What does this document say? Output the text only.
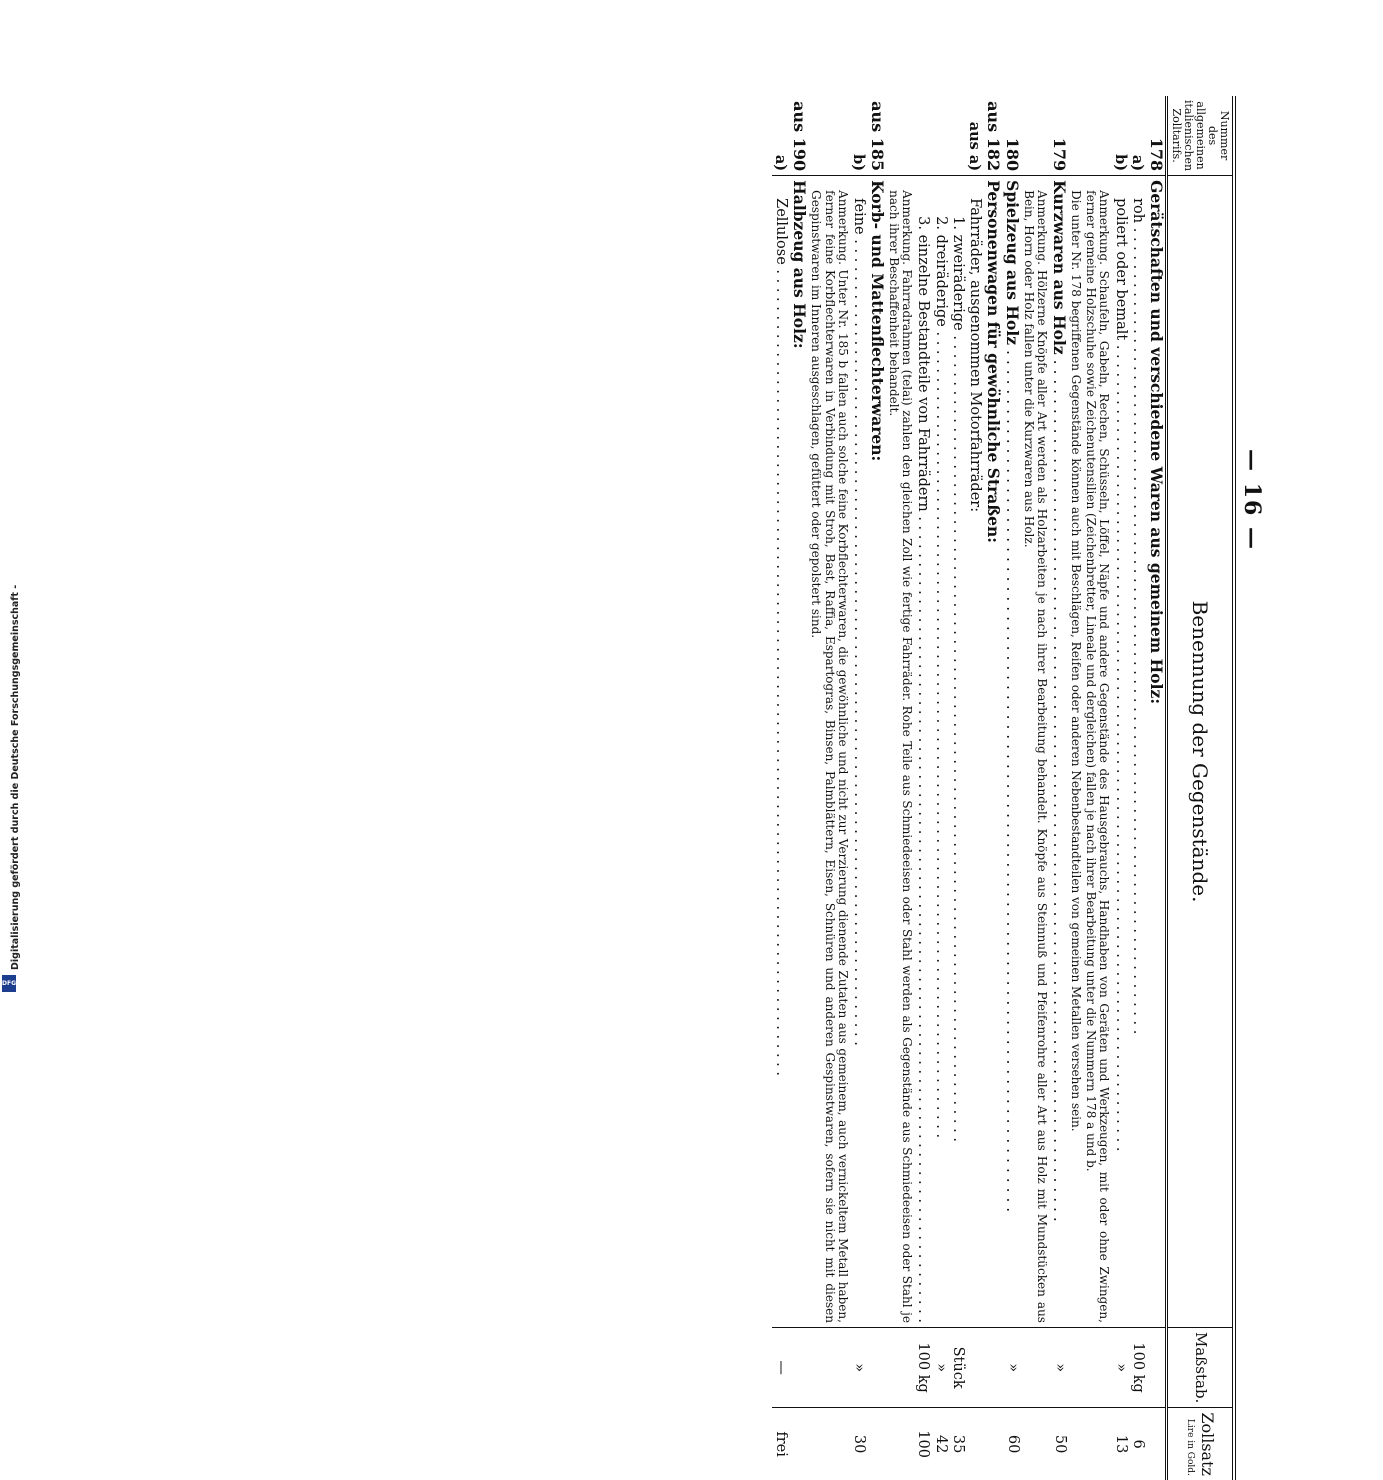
Digitalisierung gefördert durch die Deutsche Forschungsgemeinschaft -
DFG
— 16 —
Nummer des allgemeinen italienischen Zolltarifs.	Benennung der Gegenstände.	Maßstab.	Zollsatz
Lire in Gold.

178	Gerätschaften und verschiedene Waren aus gemeinem Holz:		

a)	roh . . .	100 kg	6

b)	poliert oder bemalt . . .	»	13

	Anmerkung. Schaufeln, Gabeln, Rechen, Schüsseln, Löffel, Näpfe und andere Gegenstände des Hausgebrauchs, Handhaben von Geräten und Werkzeugen, mit oder ohne Zwingen, ferner gemeine Holzschuhe sowie Zeichenutensilien (Zeichenbretter, Lineale und dergleichen) fallen je nach ihrer Bearbeitung unter die Nummern 178 a und b.		

	Die unter Nr. 178 begriffenen Gegenstände können auch mit Beschlägen, Reifen oder anderen Nebenbestandteilen von gemeinen Metallen versehen sein.		

179	Kurzwaren aus Holz . . .	»	50

	Anmerkung. Hölzerne Knöpfe aller Art werden als Holzarbeiten je nach ihrer Bearbeitung behandelt. Knöpfe aus Steinnuß und Pfeifenrohre aller Art aus Holz mit Mundstücken aus Bein, Horn oder Holz fallen unter die Kurzwaren aus Holz.		

180	Spielzeug aus Holz . . .	»	60

aus 182	Personenwagen für gewöhnliche Straßen:		

aus a)	Fahrräder, ausgenommen Motorfahrräder:		

	1. zweiräderige . . .	Stück	35

	2. dreiräderige . . .	»	42

	3. einzelne Bestandteile von Fahrrädern . . .	100 kg	100

	Anmerkung. Fahrradrahmen (telai) zahlen den gleichen Zoll wie fertige Fahrräder. Rohe Teile aus Schmiedeeisen oder Stahl werden als Gegenstände aus Schmiedeeisen oder Stahl je nach ihrer Beschaffenheit behandelt.		

aus 185	Korb- und Mattenflechterwaren:		

b)	feine . . .	»	30

	Anmerkung. Unter Nr. 185 b fallen auch solche feine Korbflechterwaren, die gewöhnliche und nicht zur Verzierung dienende Zutaten aus gemeinem, auch vernickeltem Metall haben, ferner feine Korbflechterwaren in Verbindung mit Stroh, Bast, Raffia, Espartogras, Binsen, Palmblättern, Eisen, Schnüren und anderen Gespinstwaren, sofern sie nicht mit diesen Gespinstwaren im Inneren ausgeschlagen, gefüttert oder gepolstert sind.		

aus 190	Halbzeug aus Holz:		

a)	Zellulose . . .	—	frei
